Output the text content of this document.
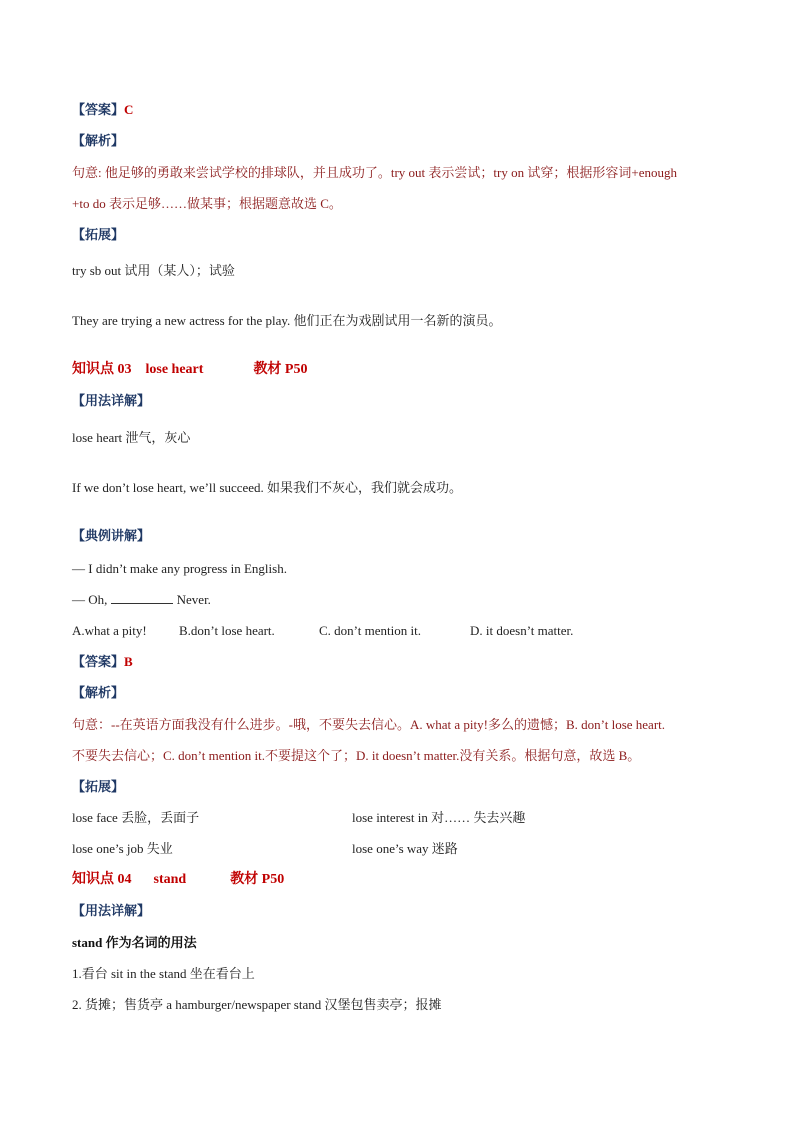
【答案】C
【解析】
句意: 他足够的勇敢来尝试学校的排球队，并且成功了。try out 表示尝试；try on 试穿；根据形容词+enough
+to do 表示足够……做某事；根据题意故选 C。
【拓展】
try sb out 试用（某人）；试验
They are trying a new actress for the play. 他们正在为戏剧试用一名新的演员。
知识点 03 lose heart	教材 P50
【用法详解】
lose heart 泄气，灰心
If we don’t lose heart, we’ll succeed. 如果我们不灰心，我们就会成功。
【典例讲解】
— I didn’t make any progress in English.
— Oh,	Never.
A.what a pity! B.don’t lose heart.	C. don’t mention it.	D. it doesn’t matter.
【答案】B
【解析】
句意：--在英语方面我没有什么进步。-哦，不要失去信心。A. what a pity!多么的遗憾；B. don’t lose heart.
不要失去信心；C. don’t mention it.不要提这个了；D. it doesn’t matter.没有关系。根据句意，故选 B。
【拓展】
lose face 丢脸，丢面子	lose interest in 对…… 失去兴趣
lose one’s job 失业	lose one’s way 迷路
知识点 04 stand	教材 P50
【用法详解】
stand 作为名词的用法
1.看台 sit in the stand 坐在看台上
2. 货摊；售货亭 a hamburger/newspaper stand 汉堡包售卖亭；报摊
